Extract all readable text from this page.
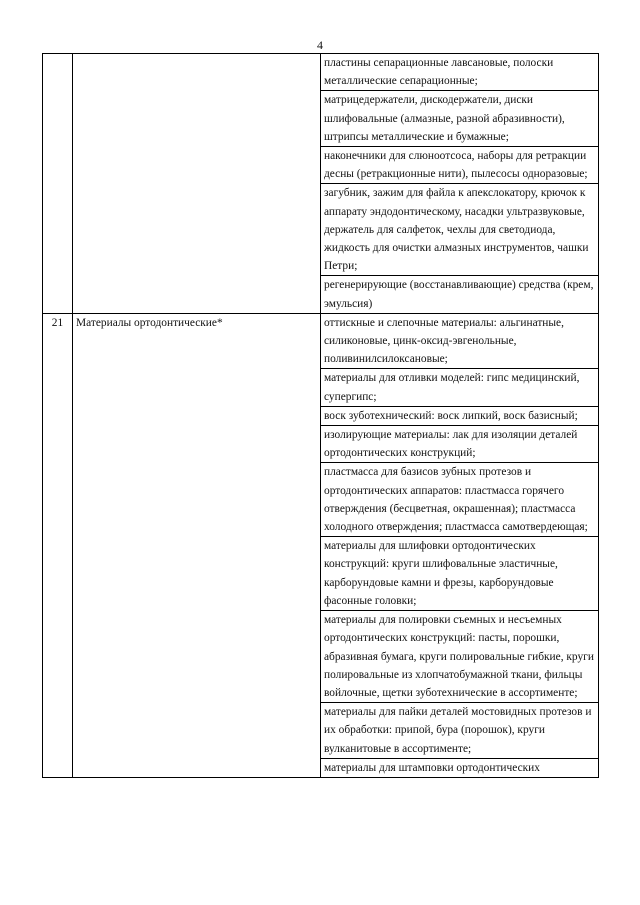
4

		пластины сепарационные лавсановые, полоски металлические сепарационные;

		матрицедержатели, дискодержатели, диски шлифовальные (алмазные, разной абразивности), штрипсы металлические и бумажные;

		наконечники для слюноотсоса, наборы для ретракции десны (ретракционные нити), пылесосы одноразовые;

		загубник, зажим для файла к апекслокатору, крючок к аппарату эндодонтическому, насадки ультразвуковые, держатель для салфеток, чехлы для светодиода, жидкость для очистки алмазных инструментов, чашки Петри;

		регенерирующие (восстанавливающие) средства (крем, эмульсия)

21	Материалы ортодонтические*	оттискные и слепочные материалы: альгинатные, силиконовые, цинк-оксид-эвгенольные, поливинилсилоксановые;

		материалы для отливки моделей: гипс медицинский, супергипс;

		воск зуботехнический: воск липкий, воск базисный;

		изолирующие материалы: лак для изоляции деталей ортодонтических конструкций;

		пластмасса для базисов зубных протезов и ортодонтических аппаратов: пластмасса горячего отверждения (бесцветная, окрашенная); пластмасса холодного отверждения; пластмасса самотвердеющая;

		материалы для шлифовки ортодонтических конструкций: круги шлифовальные эластичные, карборундовые камни и фрезы, карборундовые фасонные головки;

		материалы для полировки съемных и несъемных ортодонтических конструкций: пасты, порошки, абразивная бумага, круги полировальные гибкие, круги полировальные из хлопчатобумажной ткани, фильцы войлочные, щетки зуботехнические в ассортименте;

		материалы для пайки деталей мостовидных протезов и их обработки: припой, бура (порошок), круги вулканитовые в ассортименте;

		материалы для штамповки ортодонтических
